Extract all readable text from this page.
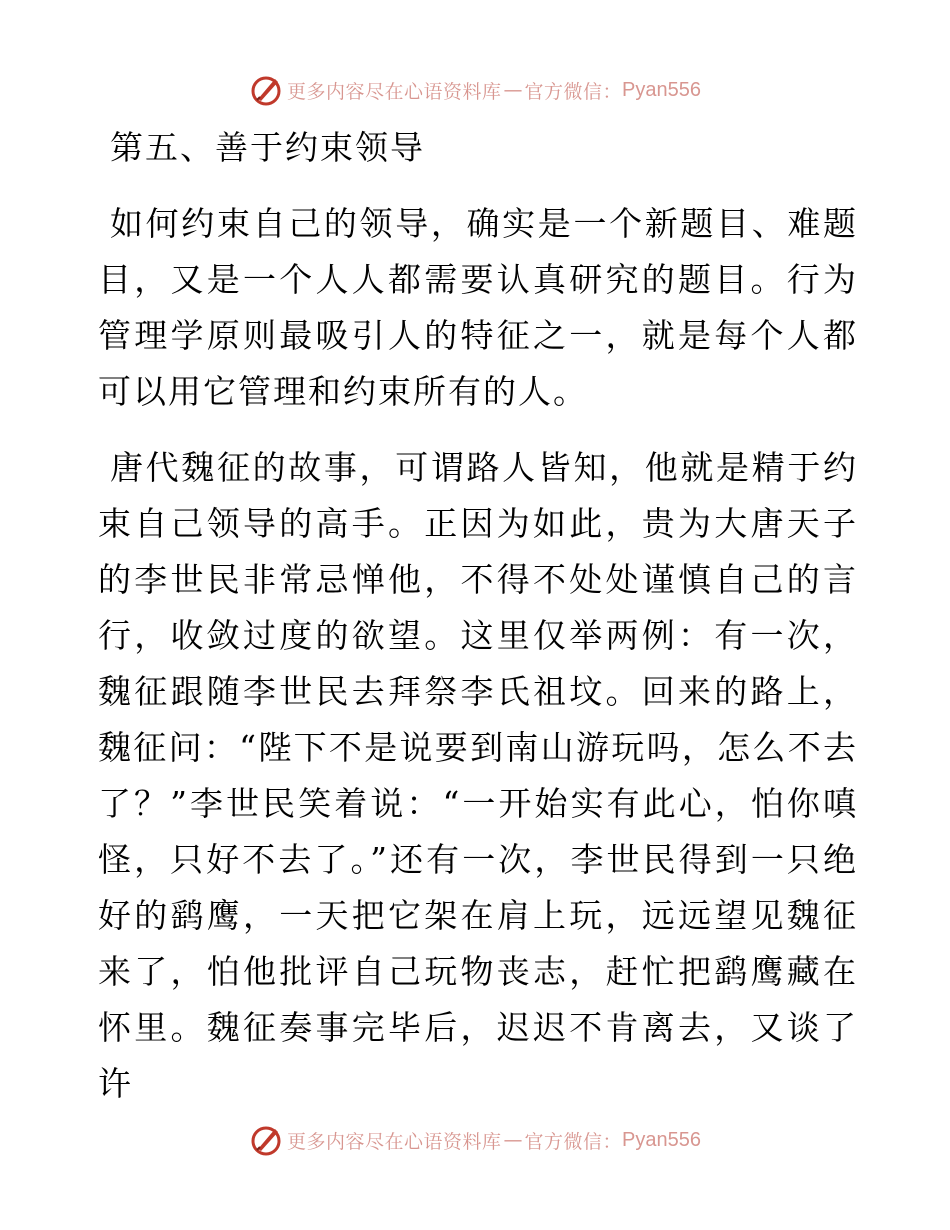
更多内容尽在心语资料库 — 官方微信： Pyan556
第五、善于约束领导

如何约束自己的领导，确实是一个新题目、难题目，又是一个人人都需要认真研究的题目。行为管理学原则最吸引人的特征之一，就是每个人都可以用它管理和约束所有的人。

唐代魏征的故事，可谓路人皆知，他就是精于约束自己领导的高手。正因为如此，贵为大唐天子的李世民非常忌惮他，不得不处处谨慎自己的言行，收敛过度的欲望。这里仅举两例：有一次，魏征跟随李世民去拜祭李氏祖坟。回来的路上，魏征问：“陛下不是说要到南山游玩吗，怎么不去了？”李世民笑着说：“一开始实有此心，怕你嗔怪，只好不去了。”还有一次，李世民得到一只绝好的鹞鹰，一天把它架在肩上玩，远远望见魏征来了，怕他批评自己玩物丧志，赶忙把鹞鹰藏在怀里。魏征奏事完毕后，迟迟不肯离去，又谈了许

更多内容尽在心语资料库 — 官方微信： Pyan556
